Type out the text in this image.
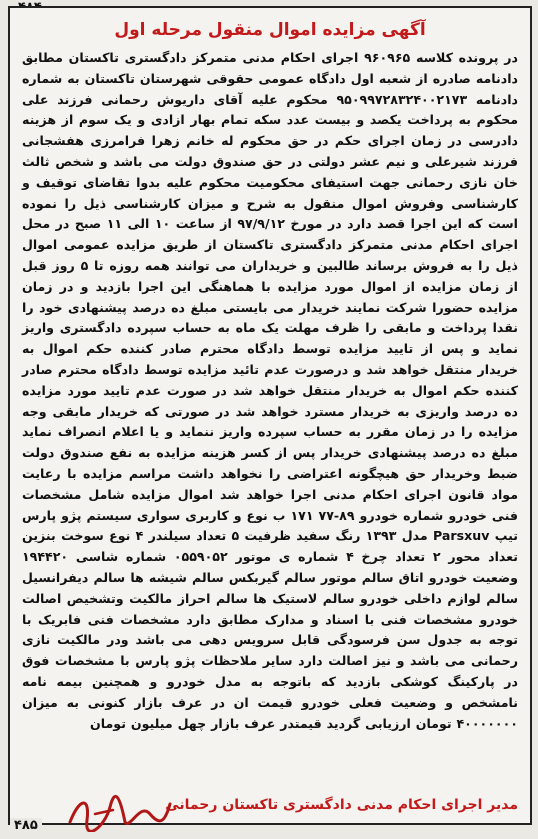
آگهی مزایده اموال منقول مرحله اول
در پرونده کلاسه ۹۶۰۹۶۵ اجرای احکام مدنی متمرکز دادگستری تاکستان مطابق دادنامه صادره از شعبه اول دادگاه عمومی حقوقی شهرستان تاکستان به شماره دادنامه ۹۵۰۹۹۷۲۸۳۲۴۰۰۲۱۷۳ محکوم علیه آقای داریوش رحمانی فرزند علی محکوم به پرداخت یکصد و بیست عدد سکه تمام بهار ازادی و یک سوم از هزینه دادرسی در زمان اجرای حکم در حق محکوم له خانم زهرا فرامرزی هفشجانی فرزند شیرعلی و نیم عشر دولتی در حق صندوق دولت می باشد و شخص ثالث خان نازی رحمانی جهت استیفای محکومیت محکوم علیه بدوا تقاضای توقیف و کارشناسی وفروش اموال منقول به شرح و میزان کارشناسی ذیل را نموده است که این اجرا قصد دارد در مورخ ۹۷/۹/۱۲ از ساعت ۱۰ الی ۱۱ صبح در محل اجرای احکام مدنی متمرکز دادگستری تاکستان از طریق مزایده عمومی اموال ذیل را به فروش برساند طالبین و خریداران می توانند همه روزه تا ۵ روز قبل از زمان مزایده از اموال مورد مزایده با هماهنگی این اجرا بازدید و در زمان مزایده حضورا شرکت نمایند خریدار می بایستی مبلغ ده درصد پیشنهادی خود را نقدا پرداخت و مابقی را ظرف مهلت یک ماه به حساب سپرده دادگستری واریز نماید و پس از تایید مزایده توسط دادگاه محترم صادر کننده حکم اموال به خریدار منتقل خواهد شد و درصورت عدم تائید مزایده توسط دادگاه محترم صادر کننده حکم اموال به خریدار منتقل خواهد شد در صورت عدم تایید مورد مزایده ده درصد واریزی به خریدار مسترد خواهد شد در صورتی که خریدار مابقی وجه مزایده را در زمان مقرر به حساب سپرده واریز ننماید و یا اعلام انصراف نماید مبلغ ده درصد پیشنهادی خریدار پس از کسر هزینه مزایده به نفع صندوق دولت ضبط وخریدار حق هیچگونه اعتراضی را نخواهد داشت مراسم مزایده با رعایت مواد قانون اجرای احکام مدنی اجرا خواهد شد اموال مزایده شامل مشخصات فنی خودرو شماره خودرو ۸۹-۷۷ ۱۷۱ ب نوع و کاربری سواری سیستم پژو پارس تیپ Parsxuv مدل ۱۳۹۳ رنگ سفید ظرفیت ۵ تعداد سیلندر ۴ نوع سوخت بنزین تعداد محور ۲ تعداد چرخ ۴ شماره ی موتور ۰۵۵۹۰۵۲ شماره شاسی ۱۹۴۴۲۰ وضعیت خودرو اتاق سالم موتور سالم گیربکس سالم شیشه ها سالم دیفرانسیل سالم لوازم داخلی خودرو سالم لاستیک ها سالم احراز مالکیت وتشخیص اصالت خودرو مشخصات فنی با اسناد و مدارک مطابق دارد مشخصات فنی فابریک با توجه به جدول سن فرسودگی قابل سرویس دهی می باشد ودر مالکیت نازی رحمانی می باشد و نیز اصالت دارد سایر ملاحظات پژو پارس با مشخصات فوق در پارکینگ کوشکی بازدید که باتوجه به مدل خودرو و همچنین بیمه نامه نامشخص و وضعیت فعلی خودرو قیمت ان در عرف بازار کنونی به میزان ۴۰۰۰۰۰۰۰ تومان ارزیابی گردید قیمتدر عرف بازار چهل میلیون تومان
مدیر اجرای احکام مدنی دادگستری تاکستان رحمانی
۴۸۵
